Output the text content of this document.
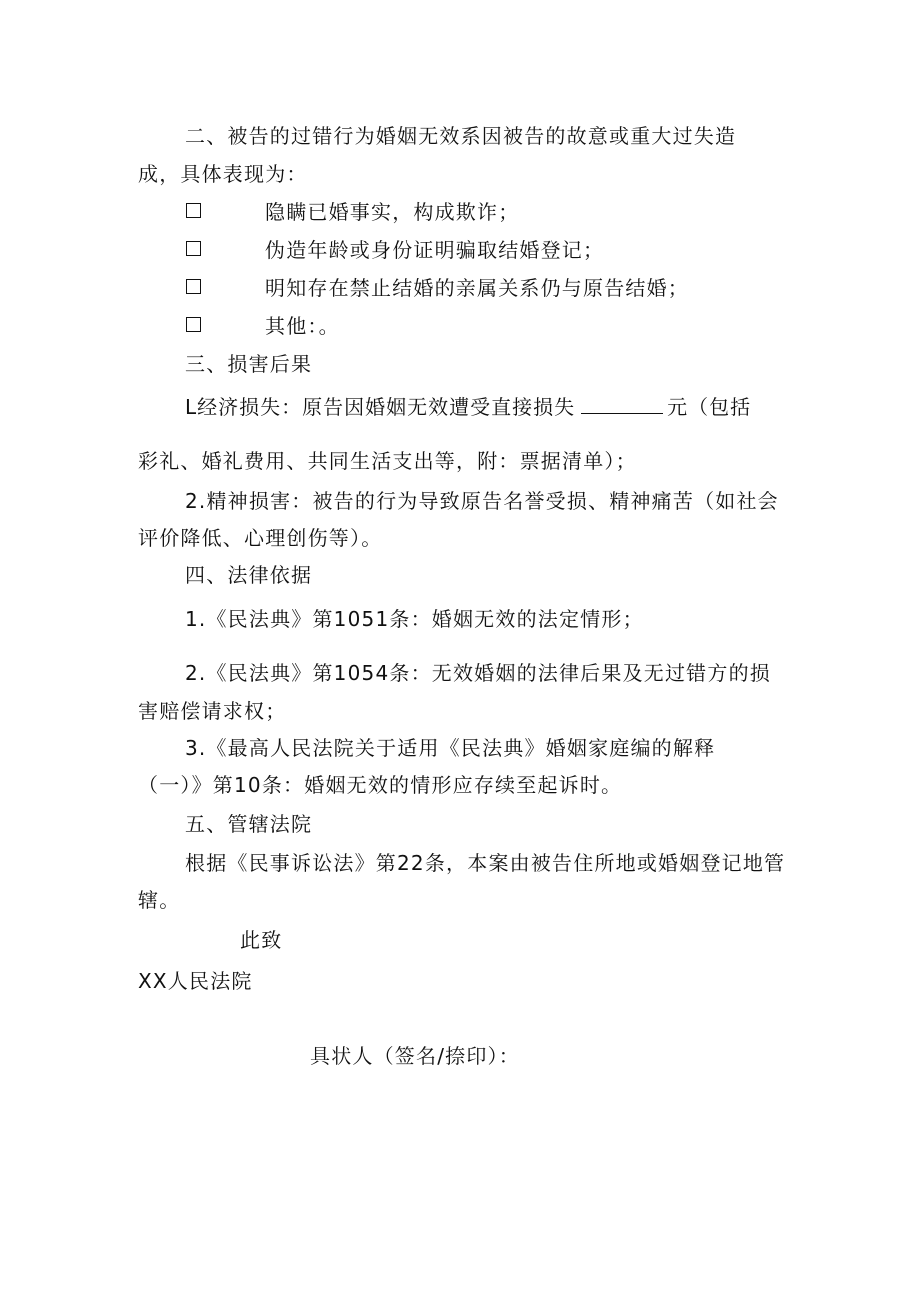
二、被告的过错行为婚姻无效系因被告的故意或重大过失造
成，具体表现为：
隐瞒已婚事实，构成欺诈；
伪造年龄或身份证明骗取结婚登记；
明知存在禁止结婚的亲属关系仍与原告结婚；
其他：。
三、损害后果
L经济损失：原告因婚姻无效遭受直接损失	元（包括
彩礼、婚礼费用、共同生活支出等，附：票据清单）；
2.精神损害：被告的行为导致原告名誉受损、精神痛苦（如社会
评价降低、心理创伤等）。
四、法律依据
1.《民法典》第1051条：婚姻无效的法定情形；
2.《民法典》第1054条：无效婚姻的法律后果及无过错方的损
害赔偿请求权；
3.《最高人民法院关于适用《民法典》婚姻家庭编的解释
（一）》第10条：婚姻无效的情形应存续至起诉时。
五、管辖法院
根据《民事诉讼法》第22条，本案由被告住所地或婚姻登记地管
辖。
此致
XX人民法院
具状人（签名/捺印）：
